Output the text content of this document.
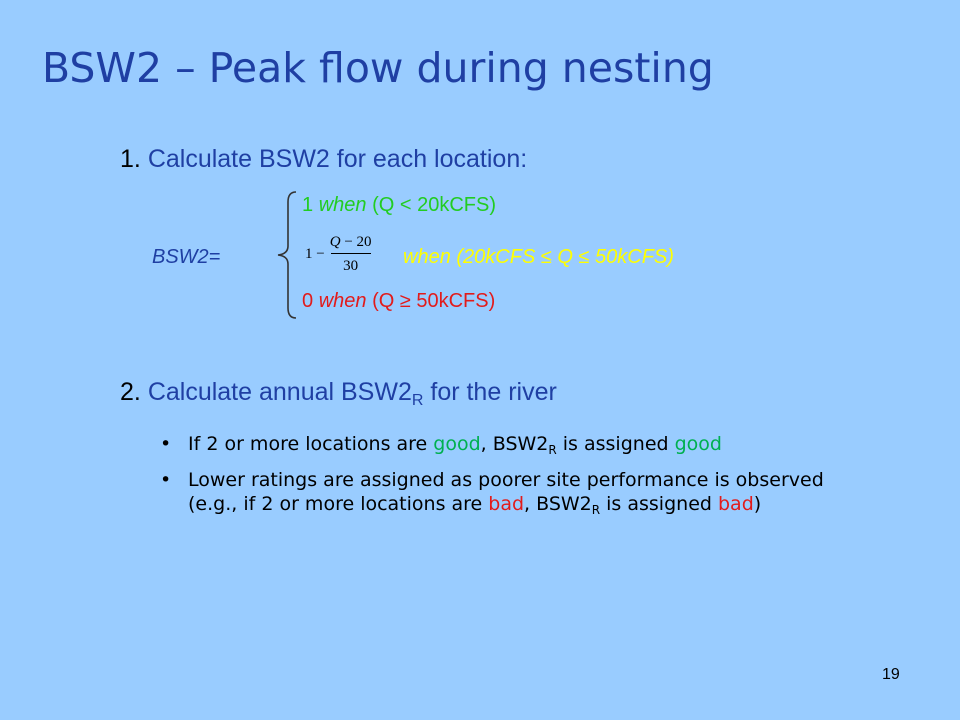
BSW2 – Peak flow during nesting
1. Calculate BSW2 for each location:
BSW2=
1 when (Q < 20kCFS)
$1 - \frac{Q - 20}{30}$ when (20kCFS ≤ Q ≤ 50kCFS)
0 when (Q ≥ 50kCFS)
2. Calculate annual $BSW2_R$ for the river
• If 2 or more locations are good, $BSW2_R$ is assigned good
• Lower ratings are assigned as poorer site performance is observed (e.g., if 2 or more locations are bad, $BSW2_R$ is assigned bad)
19
